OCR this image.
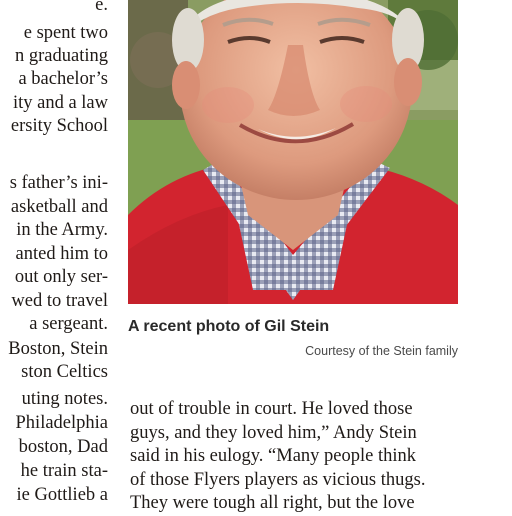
e.
e spent two
n graduating
a bachelor’s
ity and a law
ersity School
s father’s ini-
asketball and
in the Army.
anted him to
out only ser-
wed to travel
a sergeant.
Boston, Stein
ston Celtics
uting notes.
Philadelphia
boston, Dad
he train sta-
ie Gottlieb a
A recent photo of Gil Stein
Courtesy of the Stein family
out of trouble in court. He loved those
guys, and they loved him,” Andy Stein
said in his eulogy. “Many people think
of those Flyers players as vicious thugs.
They were tough all right, but the love
